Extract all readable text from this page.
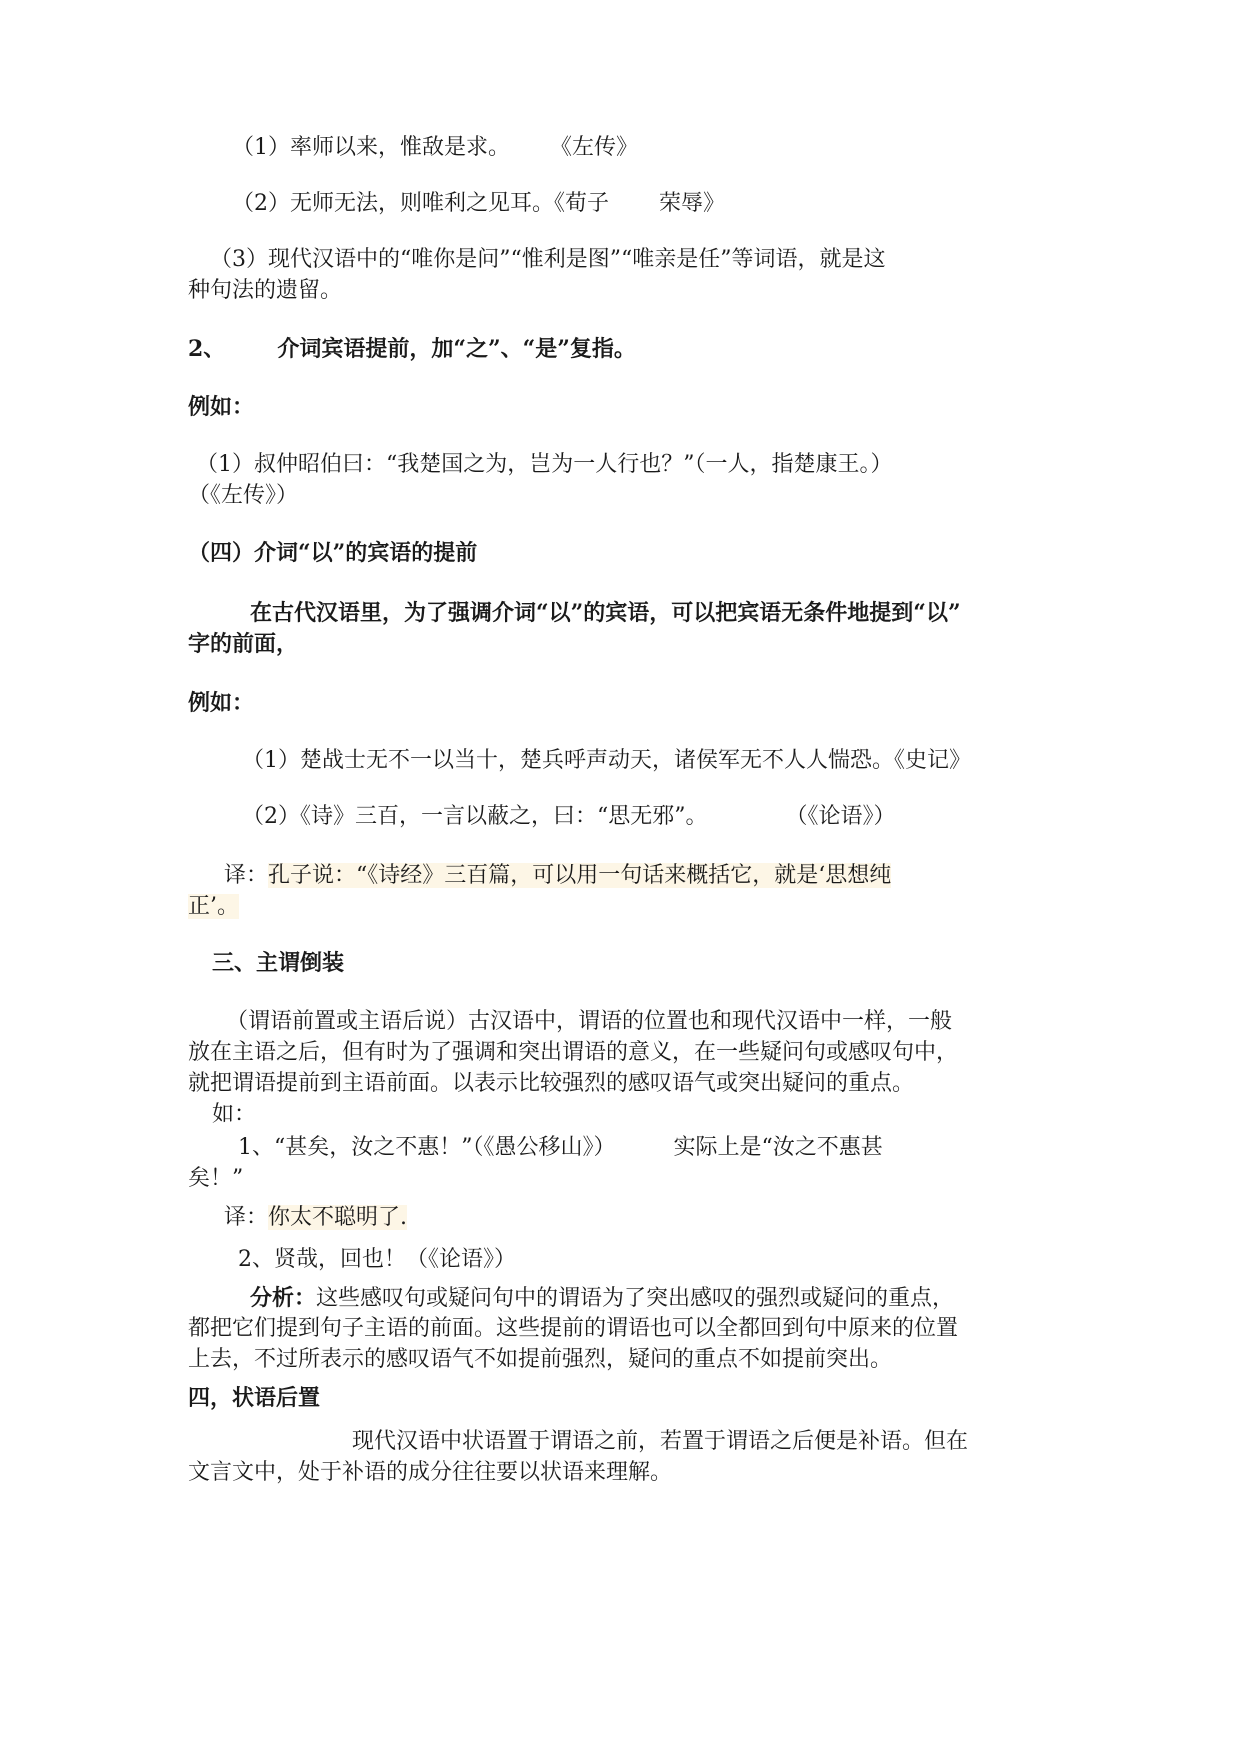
（1）率师以来，惟敌是求。 《左传》
（2）无师无法，则唯利之见耳。《荀子 荣辱》
（3）现代汉语中的“唯你是问”“惟利是图”“唯亲是任”等词语，就是这
种句法的遗留。
2、 介词宾语提前，加“之”、“是”复指。
例如：
（1）叔仲昭伯曰：“我楚国之为，岂为一人行也？”（一人，指楚康王。）
（《左传》）
（四）介词“以”的宾语的提前
在古代汉语里，为了强调介词“以”的宾语，可以把宾语无条件地提到“以”
字的前面，
例如：
（1）楚战士无不一以当十，楚兵呼声动天，诸侯军无不人人惴恐。《史记》
（2）《诗》三百，一言以蔽之，曰：“思无邪”。	（《论语》）
译：孔子说：“《诗经》三百篇，可以用一句话来概括它，就是‘思想纯
正’。
三、主谓倒装
（谓语前置或主语后说）古汉语中，谓语的位置也和现代汉语中一样，一般
放在主语之后，但有时为了强调和突出谓语的意义，在一些疑问句或感叹句中，
就把谓语提前到主语前面。以表示比较强烈的感叹语气或突出疑问的重点。
如：
1、“甚矣，汝之不惠！”（《愚公移山》）	实际上是“汝之不惠甚
矣！”
译：你太不聪明了.
2、贤哉，回也！（《论语》）
分析：这些感叹句或疑问句中的谓语为了突出感叹的强烈或疑问的重点，
都把它们提到句子主语的前面。这些提前的谓语也可以全都回到句中原来的位置
上去，不过所表示的感叹语气不如提前强烈，疑问的重点不如提前突出。
四，状语后置
现代汉语中状语置于谓语之前，若置于谓语之后便是补语。但在
文言文中，处于补语的成分往往要以状语来理解。
